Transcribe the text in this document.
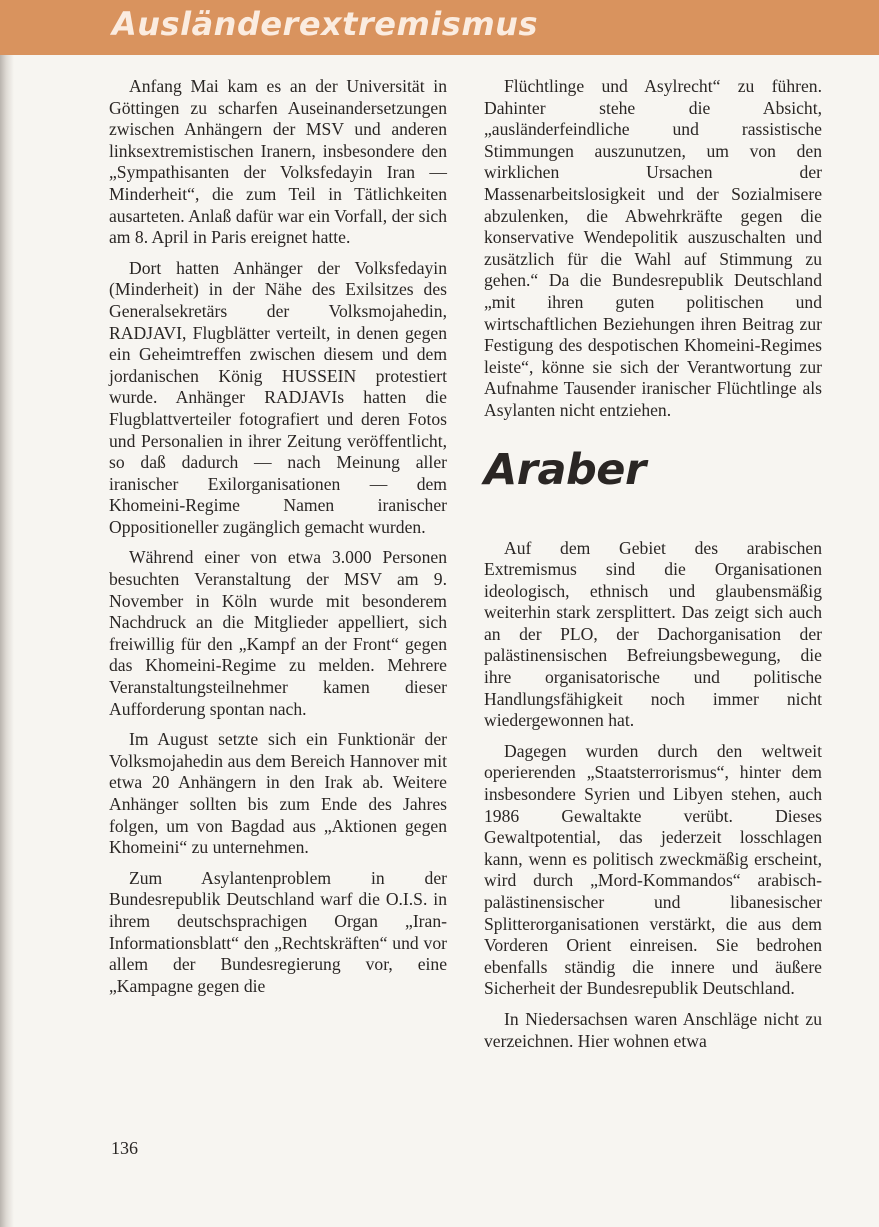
Ausländerextremismus

Anfang Mai kam es an der Universität in Göttingen zu scharfen Auseinandersetzungen zwischen Anhängern der MSV und anderen linksextremistischen Iranern, insbesondere den „Sympathisanten der Volksfedayin Iran — Minderheit“, die zum Teil in Tätlichkeiten ausarteten. Anlaß dafür war ein Vorfall, der sich am 8. April in Paris ereignet hatte.

Dort hatten Anhänger der Volksfedayin (Minderheit) in der Nähe des Exilsitzes des Generalsekretärs der Volksmojahedin, RADJAVI, Flugblätter verteilt, in denen gegen ein Geheimtreffen zwischen diesem und dem jordanischen König HUSSEIN protestiert wurde. Anhänger RADJAVIs hatten die Flugblattverteiler fotografiert und deren Fotos und Personalien in ihrer Zeitung veröffentlicht, so daß dadurch — nach Meinung aller iranischer Exilorganisationen — dem Khomeini-Regime Namen iranischer Oppositioneller zugänglich gemacht wurden.

Während einer von etwa 3.000 Personen besuchten Veranstaltung der MSV am 9. November in Köln wurde mit besonderem Nachdruck an die Mitglieder appelliert, sich freiwillig für den „Kampf an der Front“ gegen das Khomeini-Regime zu melden. Mehrere Veranstaltungsteilnehmer kamen dieser Aufforderung spontan nach.

Im August setzte sich ein Funktionär der Volksmojahedin aus dem Bereich Hannover mit etwa 20 Anhängern in den Irak ab. Weitere Anhänger sollten bis zum Ende des Jahres folgen, um von Bagdad aus „Aktionen gegen Khomeini“ zu unternehmen.

Zum Asylantenproblem in der Bundesrepublik Deutschland warf die O.I.S. in ihrem deutschsprachigen Organ „Iran-Informationsblatt“ den „Rechtskräften“ und vor allem der Bundesregierung vor, eine „Kampagne gegen die

Flüchtlinge und Asylrecht“ zu führen. Dahinter stehe die Absicht, „ausländerfeindliche und rassistische Stimmungen auszunutzen, um von den wirklichen Ursachen der Massenarbeitslosigkeit und der Sozialmisere abzulenken, die Abwehrkräfte gegen die konservative Wendepolitik auszuschalten und zusätzlich für die Wahl auf Stimmung zu gehen.“ Da die Bundesrepublik Deutschland „mit ihren guten politischen und wirtschaftlichen Beziehungen ihren Beitrag zur Festigung des despotischen Khomeini-Regimes leiste“, könne sie sich der Verantwortung zur Aufnahme Tausender iranischer Flüchtlinge als Asylanten nicht entziehen.

Araber

Auf dem Gebiet des arabischen Extremismus sind die Organisationen ideologisch, ethnisch und glaubensmäßig weiterhin stark zersplittert. Das zeigt sich auch an der PLO, der Dachorganisation der palästinensischen Befreiungsbewegung, die ihre organisatorische und politische Handlungsfähigkeit noch immer nicht wiedergewonnen hat.

Dagegen wurden durch den weltweit operierenden „Staatsterrorismus“, hinter dem insbesondere Syrien und Libyen stehen, auch 1986 Gewaltakte verübt. Dieses Gewaltpotential, das jederzeit losschlagen kann, wenn es politisch zweckmäßig erscheint, wird durch „Mord-Kommandos“ arabisch-palästinensischer und libanesischer Splitterorganisationen verstärkt, die aus dem Vorderen Orient einreisen. Sie bedrohen ebenfalls ständig die innere und äußere Sicherheit der Bundesrepublik Deutschland.

In Niedersachsen waren Anschläge nicht zu verzeichnen. Hier wohnen etwa

136
